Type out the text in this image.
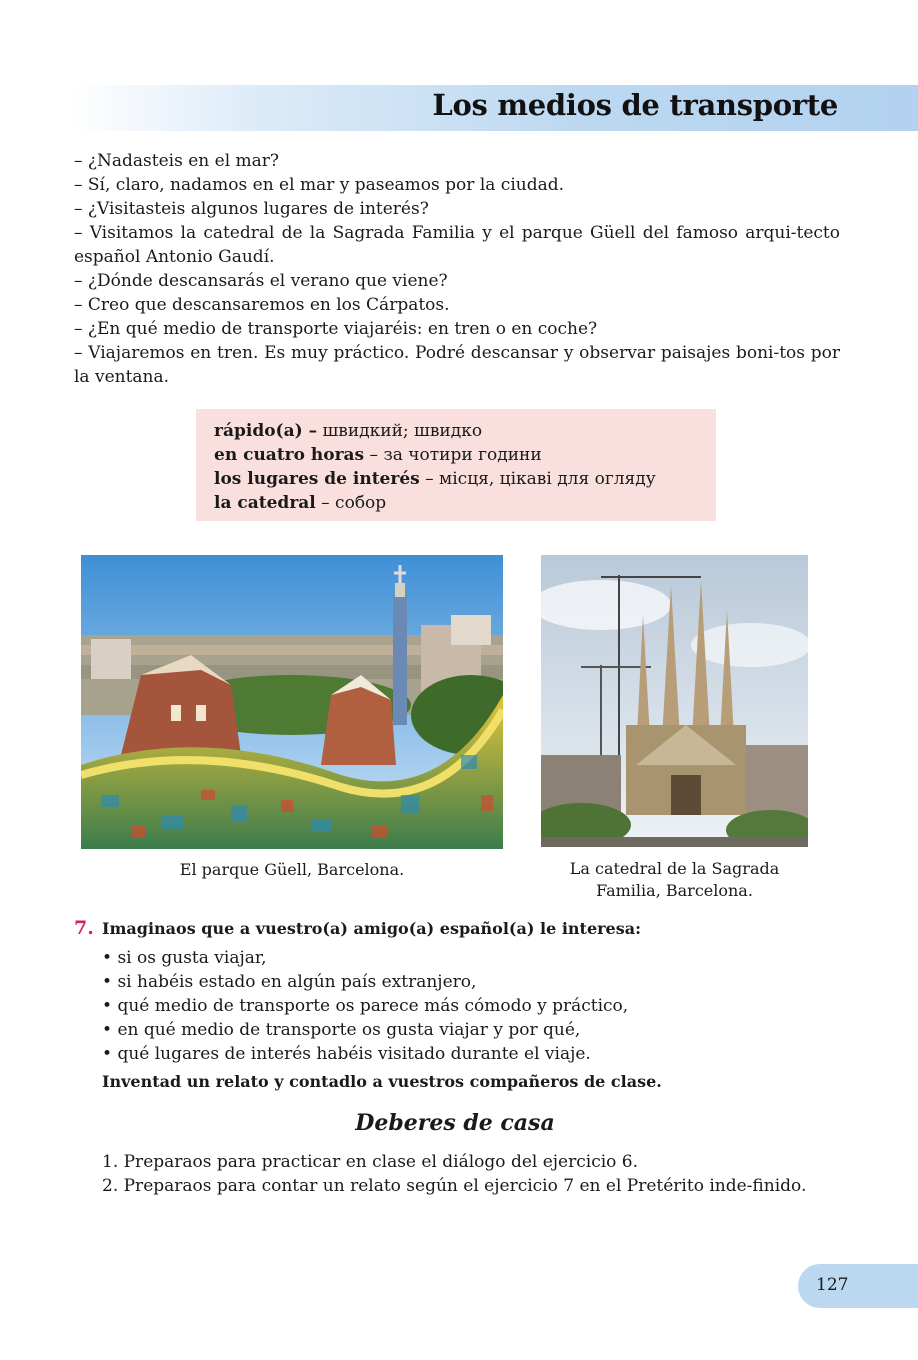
Los medios de transporte
– ¿Nadasteis en el mar?
– Sí, claro, nadamos en el mar y paseamos por la ciudad.
– ¿Visitasteis algunos lugares de interés?
– Visitamos la catedral de la Sagrada Familia y el parque Güell del famoso arqui-tecto español Antonio Gaudí.
– ¿Dónde descansarás el verano que viene?
– Creo que descansaremos en los Cárpatos.
– ¿En qué medio de transporte viajaréis: en tren o en coche?
– Viajaremos en tren. Es muy práctico. Podré descansar y observar paisajes boni-tos por la ventana.
rápido(a) – швидкий; швидко
en cuatro horas – за чотири години
los lugares de interés – місця, цікаві для огляду
la catedral – собор

El parque Güell, Barcelona.	La catedral de la Sagrada
Familia, Barcelona.
7. Imaginaos que a vuestro(a) amigo(a) español(a) le interesa:

• si os gusta viajar,
• si habéis estado en algún país extranjero,
• qué medio de transporte os parece más cómodo y práctico,
• en qué medio de transporte os gusta viajar y por qué,
• qué lugares de interés habéis visitado durante el viaje.

Inventad un relato y contadlo a vuestros compañeros de clase.

Deberes de casa
1. Preparaos para practicar en clase el diálogo del ejercicio 6.
2. Preparaos para contar un relato según el ejercicio 7 en el Pretérito inde-finido.

127
